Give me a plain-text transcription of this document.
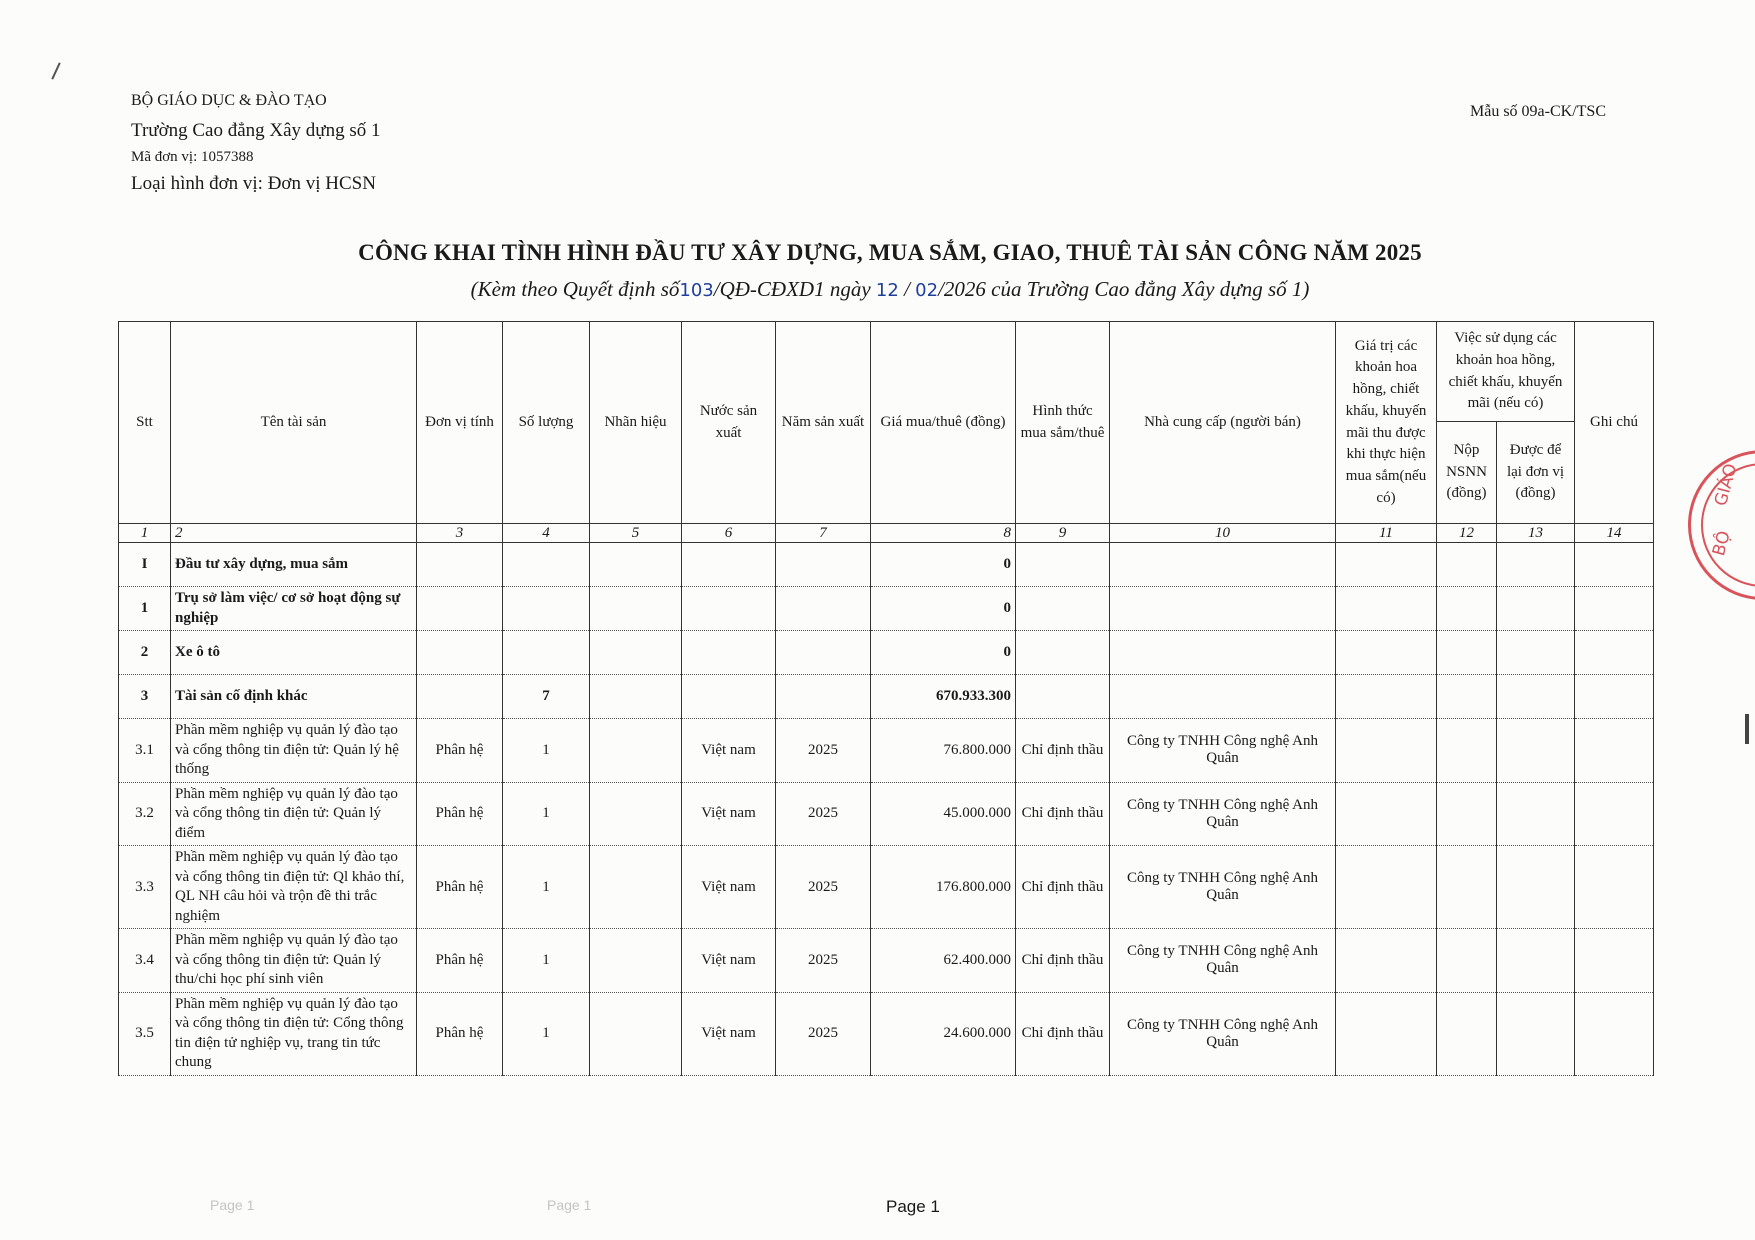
BỘ GIÁO DỤC & ĐÀO TẠO
Trường Cao đẳng Xây dựng số 1
Mã đơn vị: 1057388
Loại hình đơn vị: Đơn vị HCSN
Mẫu số 09a-CK/TSC
CÔNG KHAI TÌNH HÌNH ĐẦU TƯ XÂY DỰNG, MUA SẮM, GIAO, THUÊ TÀI SẢN CÔNG NĂM 2025
(Kèm theo Quyết định số103/QĐ-CĐXD1 ngày 12 / 02/2026 của Trường Cao đẳng Xây dựng số 1)
Stt	Tên tài sản	Đơn vị tính	Số lượng	Nhãn hiệu	Nước sản xuất	Năm sản xuất	Giá mua/thuê (đồng)	Hình thức mua sắm/thuê	Nhà cung cấp (người bán)	Giá trị các khoản hoa hồng, chiết khấu, khuyến mãi thu được khi thực hiện mua sắm(nếu có)	Việc sử dụng các khoản hoa hồng, chiết khấu, khuyến mãi (nếu có)		Ghi chú
											Nộp NSNN (đồng)	Được để lại đơn vị (đồng)	
1	2	3	4	5	6	7	8	9	10	11	12	13	14
I	Đầu tư xây dựng, mua sắm						0						
1	Trụ sở làm việc/ cơ sở hoạt động sự nghiệp						0						
2	Xe ô tô						0						
3	Tài sản cố định khác		7				670.933.300						
3.1	Phần mềm nghiệp vụ quản lý đào tạo và cổng thông tin điện tử: Quản lý hệ thống	Phân hệ	1		Việt nam	2025	76.800.000	Chỉ định thầu	Công ty TNHH Công nghệ Anh Quân				
3.2	Phần mềm nghiệp vụ quản lý đào tạo và cổng thông tin điện tử: Quản lý điểm	Phân hệ	1		Việt nam	2025	45.000.000	Chỉ định thầu	Công ty TNHH Công nghệ Anh Quân				
3.3	Phần mềm nghiệp vụ quản lý đào tạo và cổng thông tin điện tử: Ql khảo thí, QL NH câu hỏi và trộn đề thi trắc nghiệm	Phân hệ	1		Việt nam	2025	176.800.000	Chỉ định thầu	Công ty TNHH Công nghệ Anh Quân				
3.4	Phần mềm nghiệp vụ quản lý đào tạo và cổng thông tin điện tử: Quản lý thu/chi học phí sinh viên	Phân hệ	1		Việt nam	2025	62.400.000	Chỉ định thầu	Công ty TNHH Công nghệ Anh Quân				
3.5	Phần mềm nghiệp vụ quản lý đào tạo và cổng thông tin điện tử: Cổng thông tin điện tử nghiệp vụ, trang tin tức chung	Phân hệ	1		Việt nam	2025	24.600.000	Chỉ định thầu	Công ty TNHH Công nghệ Anh Quân				
GIÁO
BỘ
Page 1	Page 1	Page 1
